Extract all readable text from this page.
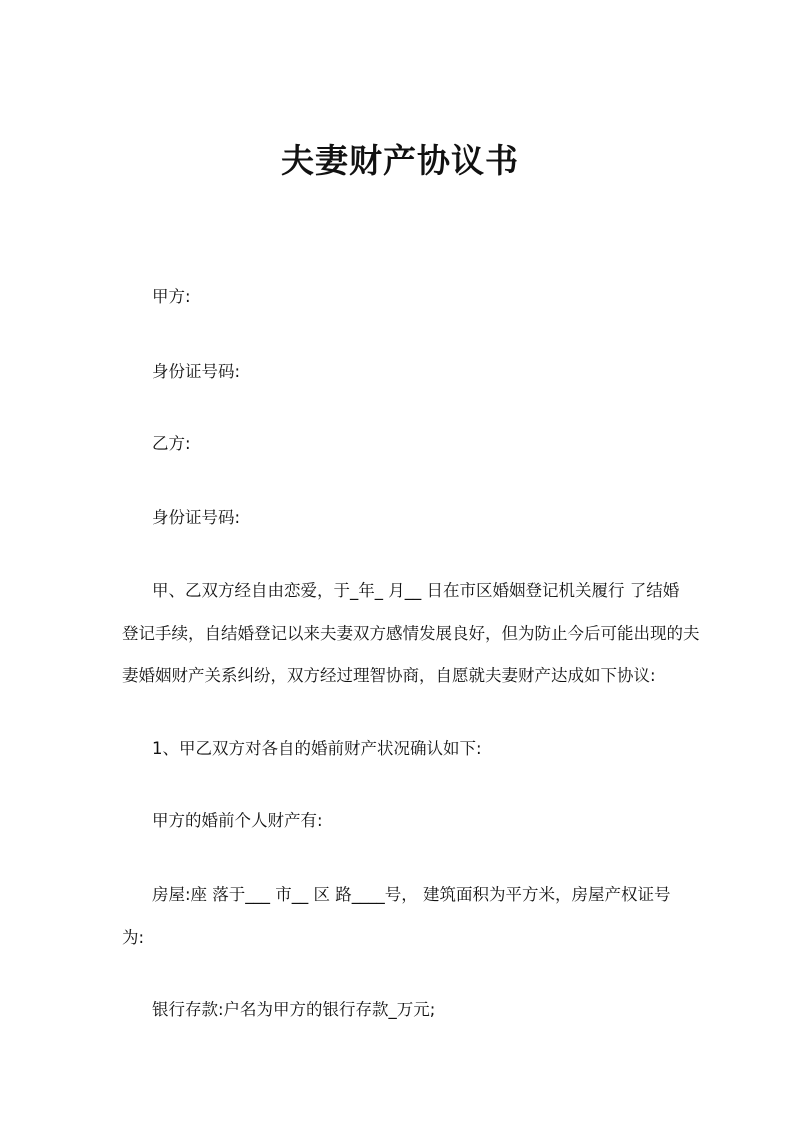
夫妻财产协议书
甲方:
身份证号码:
乙方:
身份证号码:
甲、乙双方经自由恋爱，于_年_ 月__ 日在市区婚姻登记机关履行 了结婚
登记手续，自结婚登记以来夫妻双方感情发展良好，但为防止今后可能出现的夫
妻婚姻财产关系纠纷，双方经过理智协商，自愿就夫妻财产达成如下协议:
1、甲乙双方对各自的婚前财产状况确认如下:
甲方的婚前个人财产有:
房屋:座 落于___ 市__ 区 路____号， 建筑面积为平方米，房屋产权证号
为:
银行存款:户名为甲方的银行存款_万元;
